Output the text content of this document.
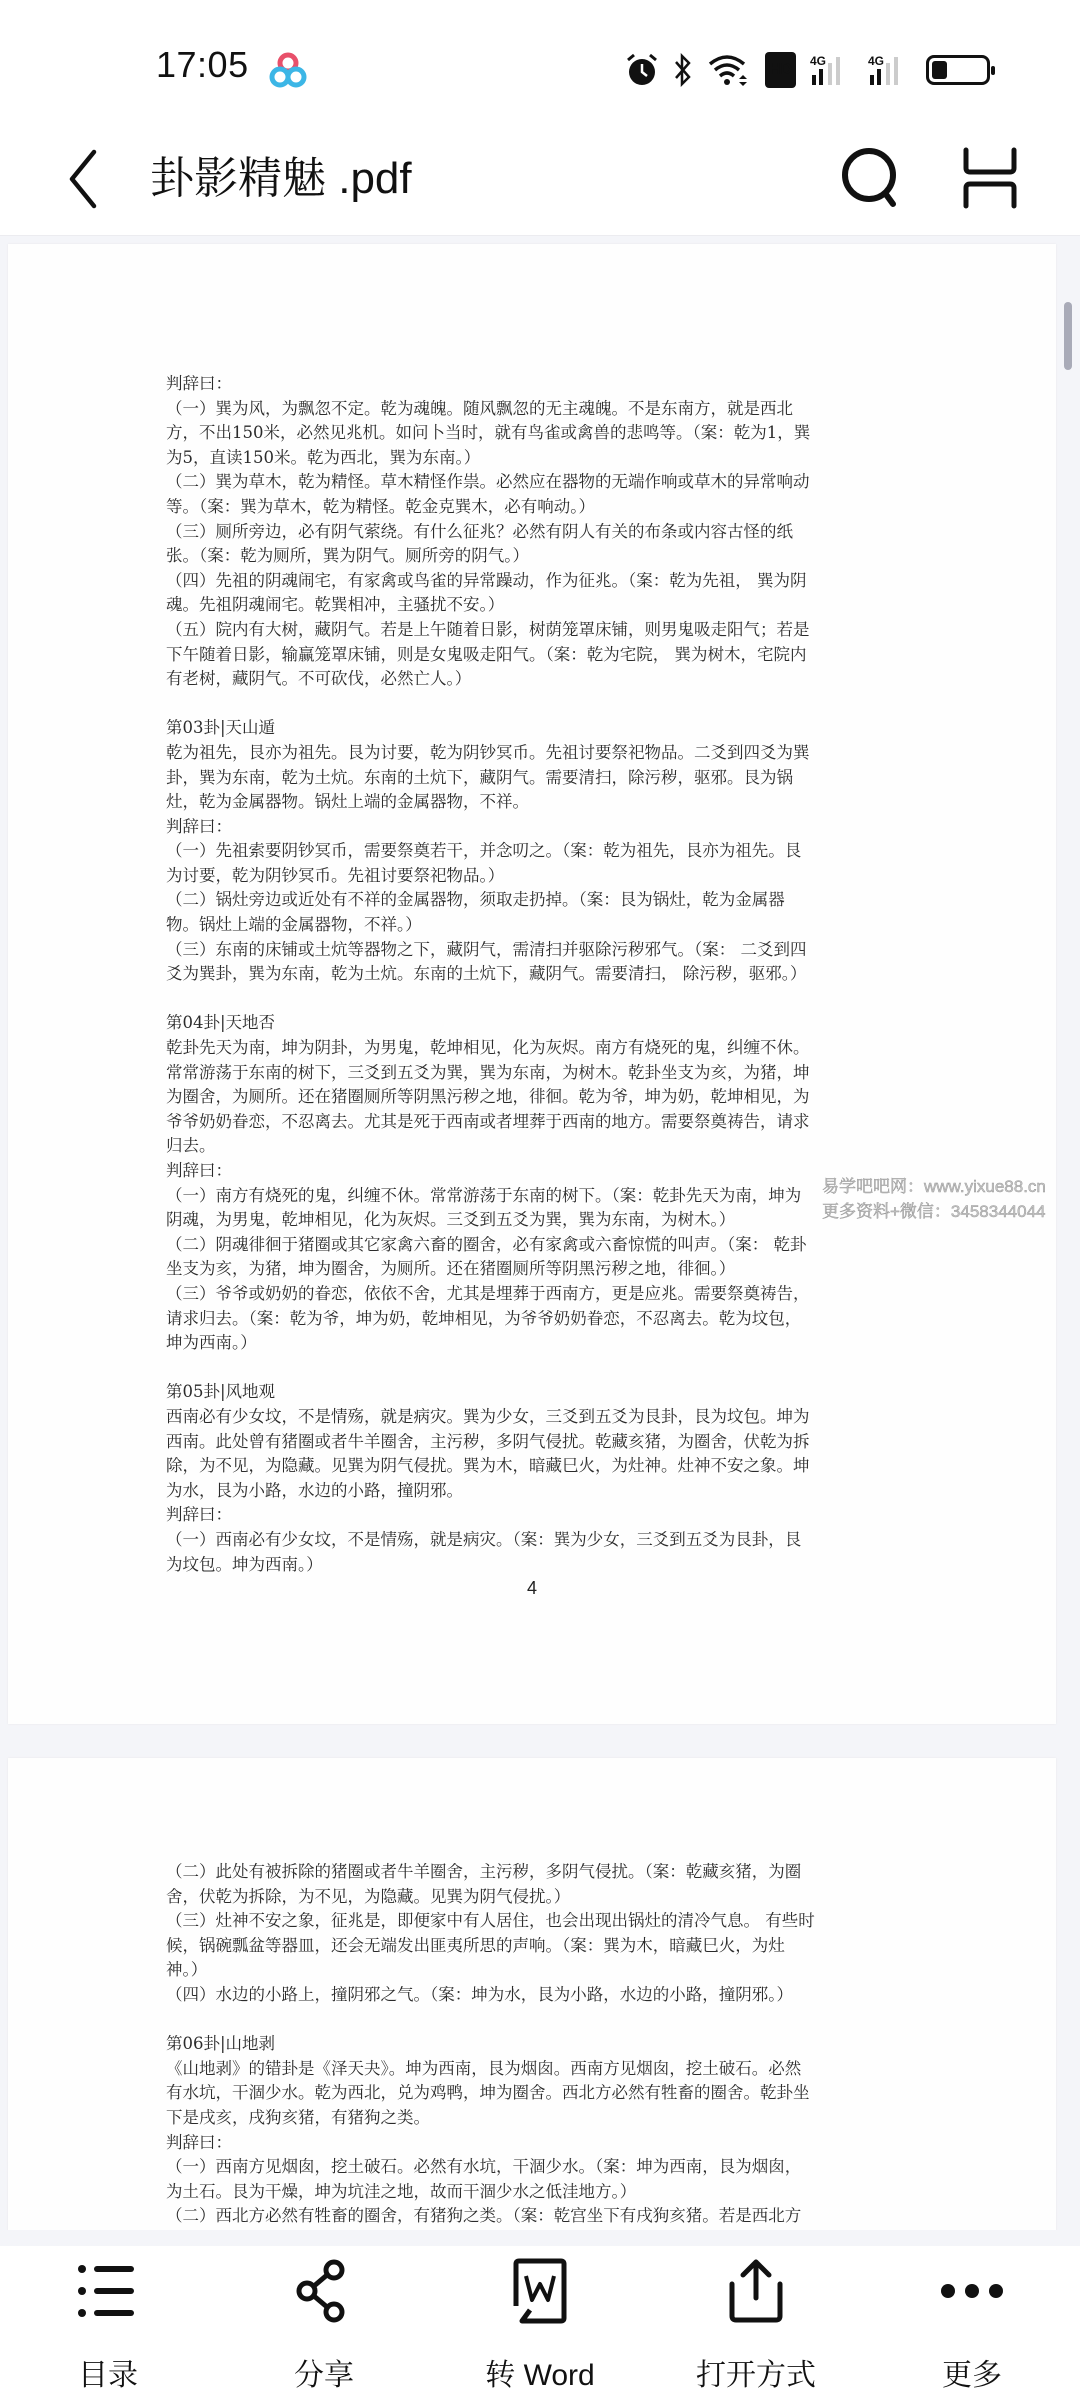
17:05	HD	4G	4G
卦影精魅 .pdf

判辞曰：

（一）巽为风，为飘忽不定。乾为魂魄。随风飘忽的无主魂魄。不是东南方，就是西北

方，不出150米，必然见兆机。如问卜当时，就有鸟雀或禽兽的悲鸣等。（案：乾为1，巽

为5，直读150米。乾为西北，巽为东南。）

（二）巽为草木，乾为精怪。草木精怪作祟。必然应在器物的无端作响或草木的异常响动

等。（案：巽为草木，乾为精怪。乾金克巽木，必有响动。）

（三）厕所旁边，必有阴气萦绕。有什么征兆？必然有阴人有关的布条或内容古怪的纸

张。（案：乾为厕所，巽为阴气。厕所旁的阴气。）

（四）先祖的阴魂闹宅，有家禽或鸟雀的异常躁动，作为征兆。（案：乾为先祖， 巽为阴

魂。先祖阴魂闹宅。乾巽相冲，主骚扰不安。）

（五）院内有大树，藏阴气。若是上午随着日影，树荫笼罩床铺，则男鬼吸走阳气；若是

下午随着日影，输赢笼罩床铺，则是女鬼吸走阳气。（案：乾为宅院， 巽为树木，宅院内

有老树，藏阴气。不可砍伐，必然亡人。）

第03卦|天山遁

乾为祖先，艮亦为祖先。艮为讨要，乾为阴钞冥币。先祖讨要祭祀物品。二爻到四爻为巽

卦，巽为东南，乾为土炕。东南的土炕下，藏阴气。需要清扫，除污秽，驱邪。艮为锅

灶，乾为金属器物。锅灶上端的金属器物，不祥。

判辞曰：

（一）先祖索要阴钞冥币，需要祭奠若干，并念叨之。（案：乾为祖先，艮亦为祖先。艮

为讨要，乾为阴钞冥币。先祖讨要祭祀物品。）

（二）锅灶旁边或近处有不祥的金属器物，须取走扔掉。（案：艮为锅灶，乾为金属器

物。锅灶上端的金属器物，不祥。）

（三）东南的床铺或土炕等器物之下，藏阴气，需清扫并驱除污秽邪气。（案： 二爻到四

爻为巽卦，巽为东南，乾为土炕。东南的土炕下，藏阴气。需要清扫， 除污秽，驱邪。）

第04卦|天地否

乾卦先天为南，坤为阴卦，为男鬼，乾坤相见，化为灰烬。南方有烧死的鬼，纠缠不休。

常常游荡于东南的树下，三爻到五爻为巽，巽为东南，为树木。乾卦坐支为亥，为猪，坤

为圈舍，为厕所。还在猪圈厕所等阴黑污秽之地，徘徊。乾为爷，坤为奶，乾坤相见，为

爷爷奶奶眷恋，不忍离去。尤其是死于西南或者埋葬于西南的地方。需要祭奠祷告，请求

归去。

判辞曰：

（一）南方有烧死的鬼，纠缠不休。常常游荡于东南的树下。（案：乾卦先天为南，坤为

阴魂，为男鬼，乾坤相见，化为灰烬。三爻到五爻为巽，巽为东南，为树木。）

（二）阴魂徘徊于猪圈或其它家禽六畜的圈舍，必有家禽或六畜惊慌的叫声。（案： 乾卦

坐支为亥，为猪，坤为圈舍，为厕所。还在猪圈厕所等阴黑污秽之地，徘徊。）

（三）爷爷或奶奶的眷恋，依依不舍，尤其是埋葬于西南方，更是应兆。需要祭奠祷告，

请求归去。（案：乾为爷，坤为奶，乾坤相见，为爷爷奶奶眷恋，不忍离去。乾为坟包，

坤为西南。）

第05卦|风地观

西南必有少女坟，不是情殇，就是病灾。巽为少女，三爻到五爻为艮卦，艮为坟包。坤为

西南。此处曾有猪圈或者牛羊圈舍，主污秽，多阴气侵扰。乾藏亥猪，为圈舍，伏乾为拆

除，为不见，为隐藏。见巽为阴气侵扰。巽为木，暗藏巳火，为灶神。灶神不安之象。坤

为水，艮为小路，水边的小路，撞阴邪。

判辞曰：

（一）西南必有少女坟，不是情殇，就是病灾。（案：巽为少女，三爻到五爻为艮卦，艮

为坟包。坤为西南。）

4

（二）此处有被拆除的猪圈或者牛羊圈舍，主污秽，多阴气侵扰。（案：乾藏亥猪，为圈

舍，伏乾为拆除，为不见，为隐藏。见巽为阴气侵扰。）

（三）灶神不安之象，征兆是，即便家中有人居住，也会出现出锅灶的清冷气息。 有些时

候，锅碗瓢盆等器皿，还会无端发出匪夷所思的声响。（案：巽为木，暗藏巳火，为灶

神。）

（四）水边的小路上，撞阴邪之气。（案：坤为水，艮为小路，水边的小路，撞阴邪。）

第06卦|山地剥

《山地剥》的错卦是《泽天夬》。坤为西南，艮为烟囱。西南方见烟囱，挖土破石。必然

有水坑，干涸少水。乾为西北，兑为鸡鸭，坤为圈舍。西北方必然有牲畜的圈舍。乾卦坐

下是戌亥，戌狗亥猪，有猪狗之类。

判辞曰：

（一）西南方见烟囱，挖土破石。必然有水坑，干涸少水。（案：坤为西南，艮为烟囱，

为土石。艮为干燥，坤为坑洼之地，故而干涸少水之低洼地方。）

（二）西北方必然有牲畜的圈舍，有猪狗之类。（案：乾宫坐下有戌狗亥猪。若是西北方

易学吧吧网：www.yixue88.cn
更多资料+微信：3458344044
目录	分享	转 Word	打开方式	更多
